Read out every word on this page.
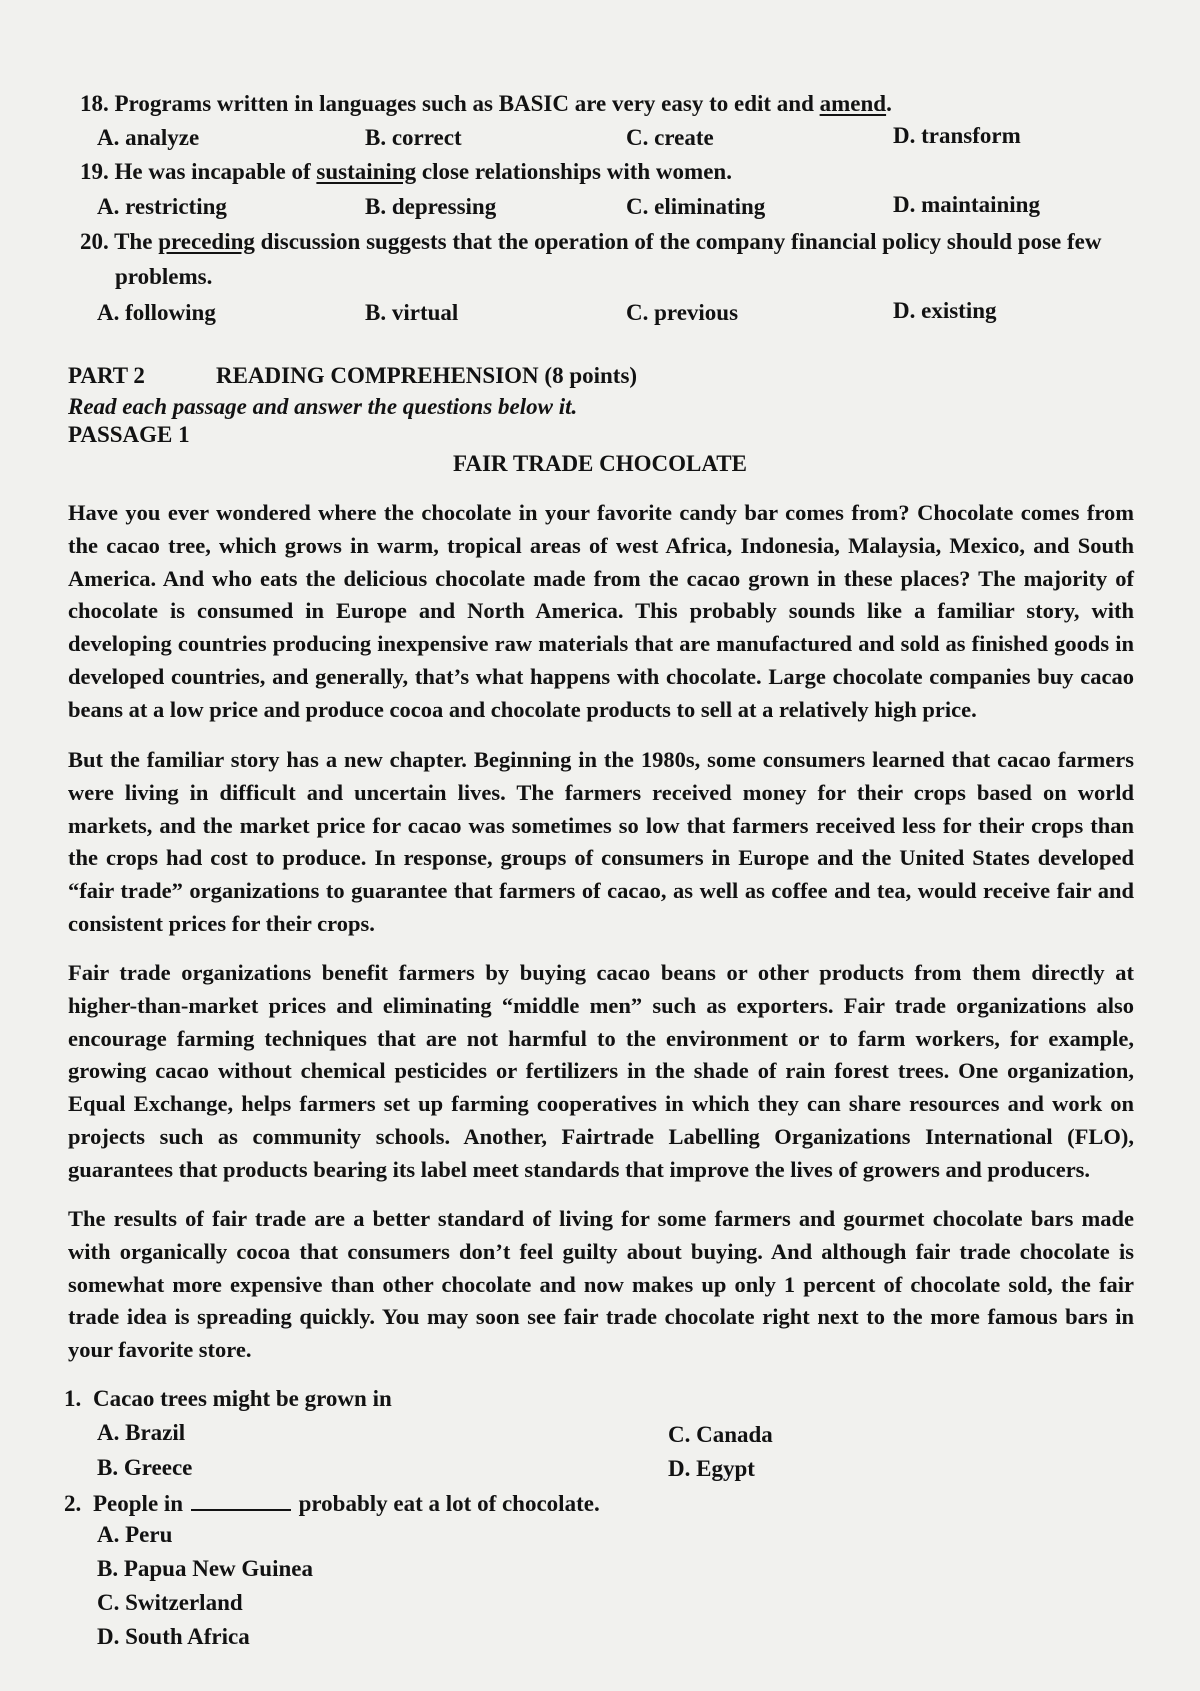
18. Programs written in languages such as BASIC are very easy to edit and amend.
A. analyze	B. correct	C. create	D. transform
19. He was incapable of sustaining close relationships with women.
A. restricting	B. depressing	C. eliminating	D. maintaining
20. The preceding discussion suggests that the operation of the company financial policy should pose few
problems.
A. following	B. virtual	C. previous	D. existing
PART 2	READING COMPREHENSION (8 points)
Read each passage and answer the questions below it.
PASSAGE 1
FAIR TRADE CHOCOLATE

Have you ever wondered where the chocolate in your favorite candy bar comes from? Chocolate comes from the cacao tree, which grows in warm, tropical areas of west Africa, Indonesia, Malaysia, Mexico, and South America. And who eats the delicious chocolate made from the cacao grown in these places? The majority of chocolate is consumed in Europe and North America. This probably sounds like a familiar story, with developing countries producing inexpensive raw materials that are manufactured and sold as finished goods in developed countries, and generally, that’s what happens with chocolate. Large chocolate companies buy cacao beans at a low price and produce cocoa and chocolate products to sell at a relatively high price.

But the familiar story has a new chapter. Beginning in the 1980s, some consumers learned that cacao farmers were living in difficult and uncertain lives. The farmers received money for their crops based on world markets, and the market price for cacao was sometimes so low that farmers received less for their crops than the crops had cost to produce. In response, groups of consumers in Europe and the United States developed “fair trade” organizations to guarantee that farmers of cacao, as well as coffee and tea, would receive fair and consistent prices for their crops.

Fair trade organizations benefit farmers by buying cacao beans or other products from them directly at higher-than-market prices and eliminating “middle men” such as exporters. Fair trade organizations also encourage farming techniques that are not harmful to the environment or to farm workers, for example, growing cacao without chemical pesticides or fertilizers in the shade of rain forest trees. One organization, Equal Exchange, helps farmers set up farming cooperatives in which they can share resources and work on projects such as community schools. Another, Fairtrade Labelling Organizations International (FLO), guarantees that products bearing its label meet standards that improve the lives of growers and producers.

The results of fair trade are a better standard of living for some farmers and gourmet chocolate bars made with organically cocoa that consumers don’t feel guilty about buying. And although fair trade chocolate is somewhat more expensive than other chocolate and now makes up only 1 percent of chocolate sold, the fair trade idea is spreading quickly. You may soon see fair trade chocolate right next to the more famous bars in your favorite store.

1. Cacao trees might be grown in
A. Brazil	C. Canada
B. Greece	D. Egypt
2. People in	probably eat a lot of chocolate.
A. Peru
B. Papua New Guinea
C. Switzerland
D. South Africa
